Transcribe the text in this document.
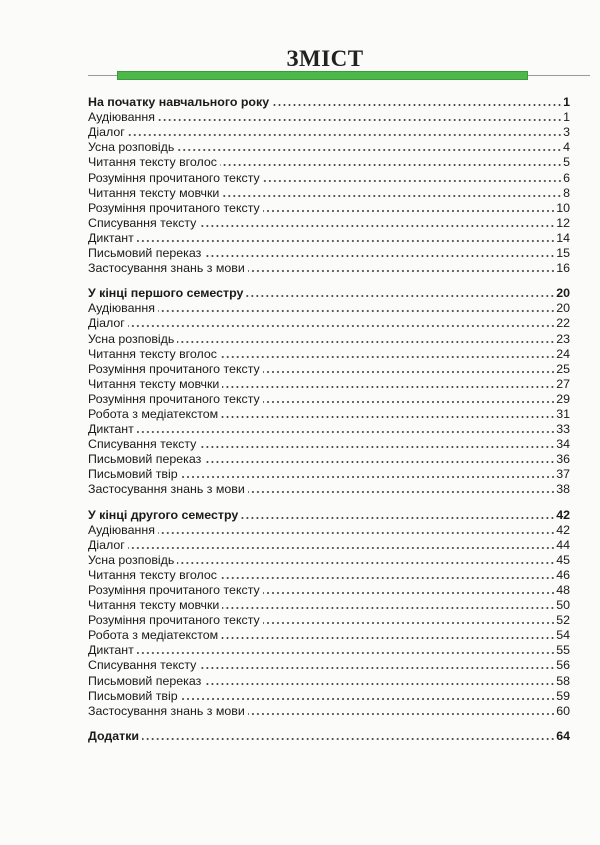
ЗМІСТ
На початку навчального року	1
Аудіювання	1
Діалог	3
Усна розповідь	4
Читання тексту вголос	5
Розуміння прочитаного тексту	6
Читання тексту мовчки	8
Розуміння прочитаного тексту	10
Списування тексту	12
Диктант	14
Письмовий переказ	15
Застосування знань з мови	16
У кінці першого семестру	20
Аудіювання	20
Діалог	22
Усна розповідь	23
Читання тексту вголос	24
Розуміння прочитаного тексту	25
Читання тексту мовчки	27
Розуміння прочитаного тексту	29
Робота з медіатекстом	31
Диктант	33
Списування тексту	34
Письмовий переказ	36
Письмовий твір	37
Застосування знань з мови	38
У кінці другого семестру	42
Аудіювання	42
Діалог	44
Усна розповідь	45
Читання тексту вголос	46
Розуміння прочитаного тексту	48
Читання тексту мовчки	50
Розуміння прочитаного тексту	52
Робота з медіатекстом	54
Диктант	55
Списування тексту	56
Письмовий переказ	58
Письмовий твір	59
Застосування знань з мови	60
Додатки	64
